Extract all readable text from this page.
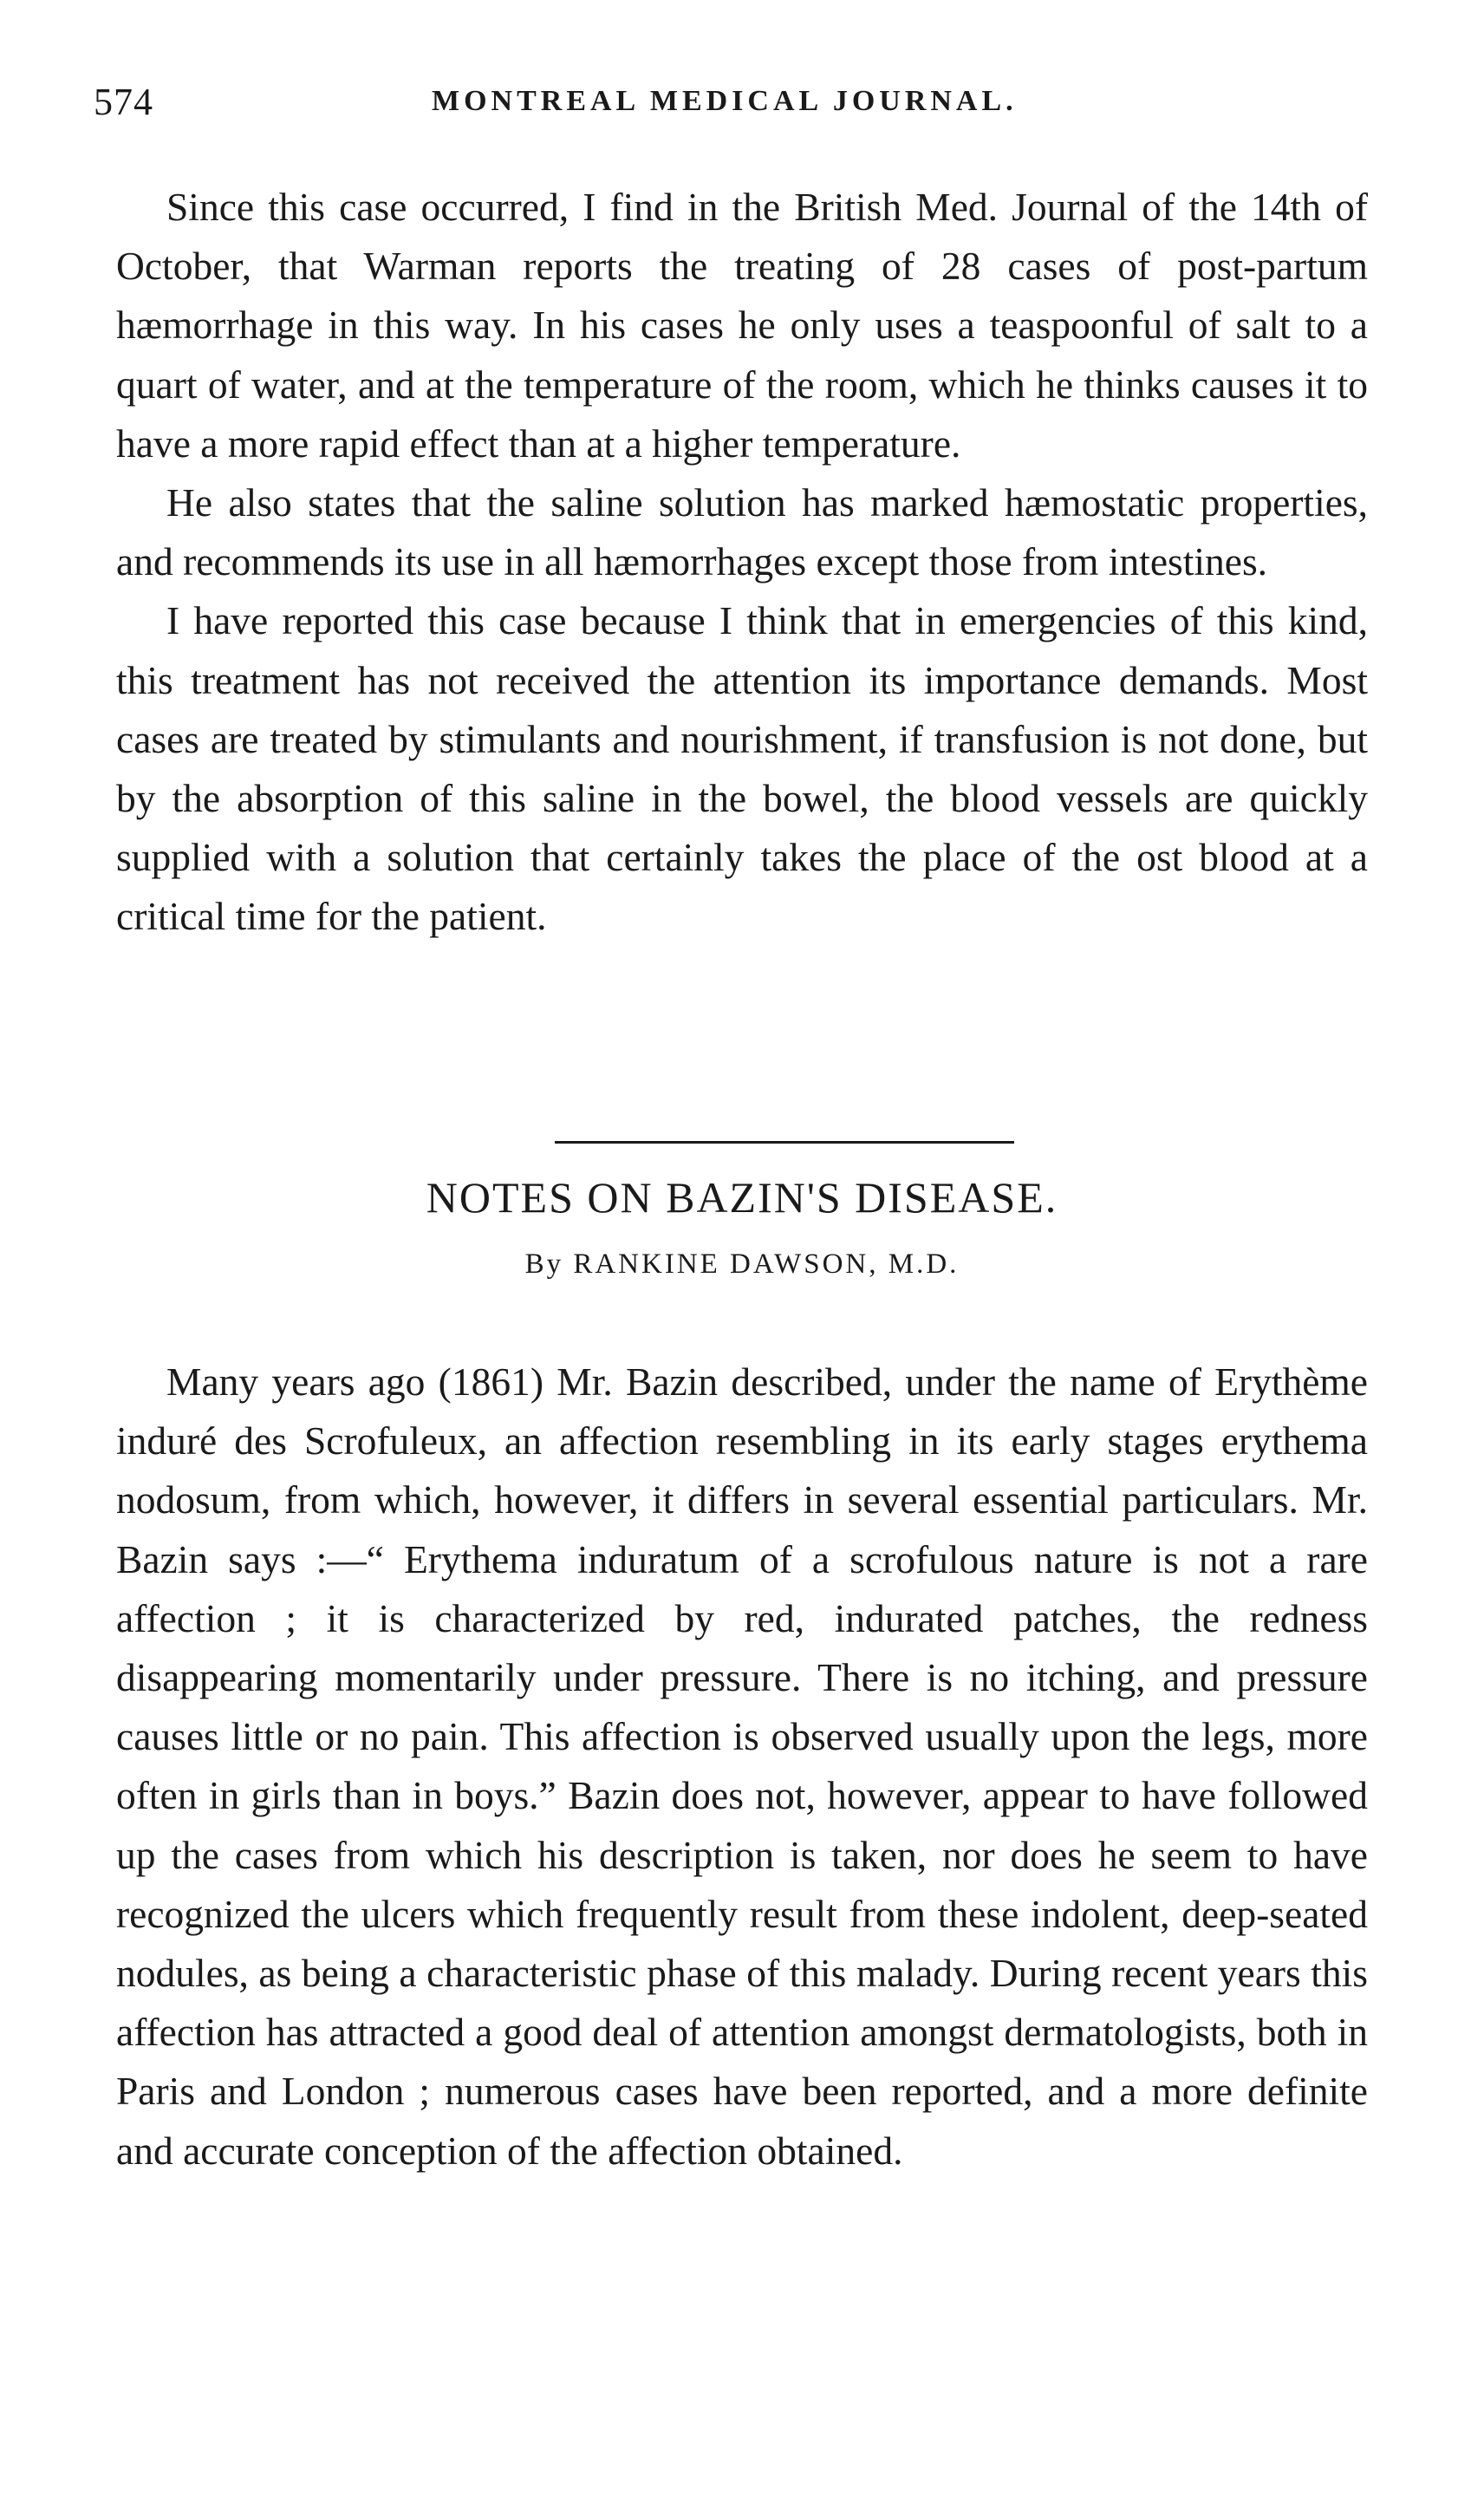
574	MONTREAL MEDICAL JOURNAL.

Since this case occurred, I find in the British Med. Journal of the 14th of October, that Warman reports the treating of 28 cases of post-partum hæmorrhage in this way. In his cases he only uses a teaspoonful of salt to a quart of water, and at the temperature of the room, which he thinks causes it to have a more rapid effect than at a higher temperature.

He also states that the saline solution has marked hæmostatic properties, and recommends its use in all hæmorrhages except those from intestines.

I have reported this case because I think that in emergencies of this kind, this treatment has not received the attention its importance demands. Most cases are treated by stimulants and nourishment, if transfusion is not done, but by the absorption of this saline in the bowel, the blood vessels are quickly supplied with a solution that certainly takes the place of the ost blood at a critical time for the patient.

NOTES ON BAZIN'S DISEASE.
By RANKINE DAWSON, M.D.

Many years ago (1861) Mr. Bazin described, under the name of Erythème induré des Scrofuleux, an affection resembling in its early stages erythema nodosum, from which, however, it differs in several essential particulars. Mr. Bazin says :—“ Erythema induratum of a scrofulous nature is not a rare affection ; it is characterized by red, indurated patches, the redness disappearing momentarily under pressure. There is no itching, and pressure causes little or no pain. This affection is observed usually upon the legs, more often in girls than in boys.” Bazin does not, however, appear to have followed up the cases from which his description is taken, nor does he seem to have recognized the ulcers which frequently result from these indolent, deep-seated nodules, as being a characteristic phase of this malady. During recent years this affection has attracted a good deal of attention amongst dermatologists, both in Paris and London ; numerous cases have been reported, and a more definite and accurate conception of the affection obtained.
